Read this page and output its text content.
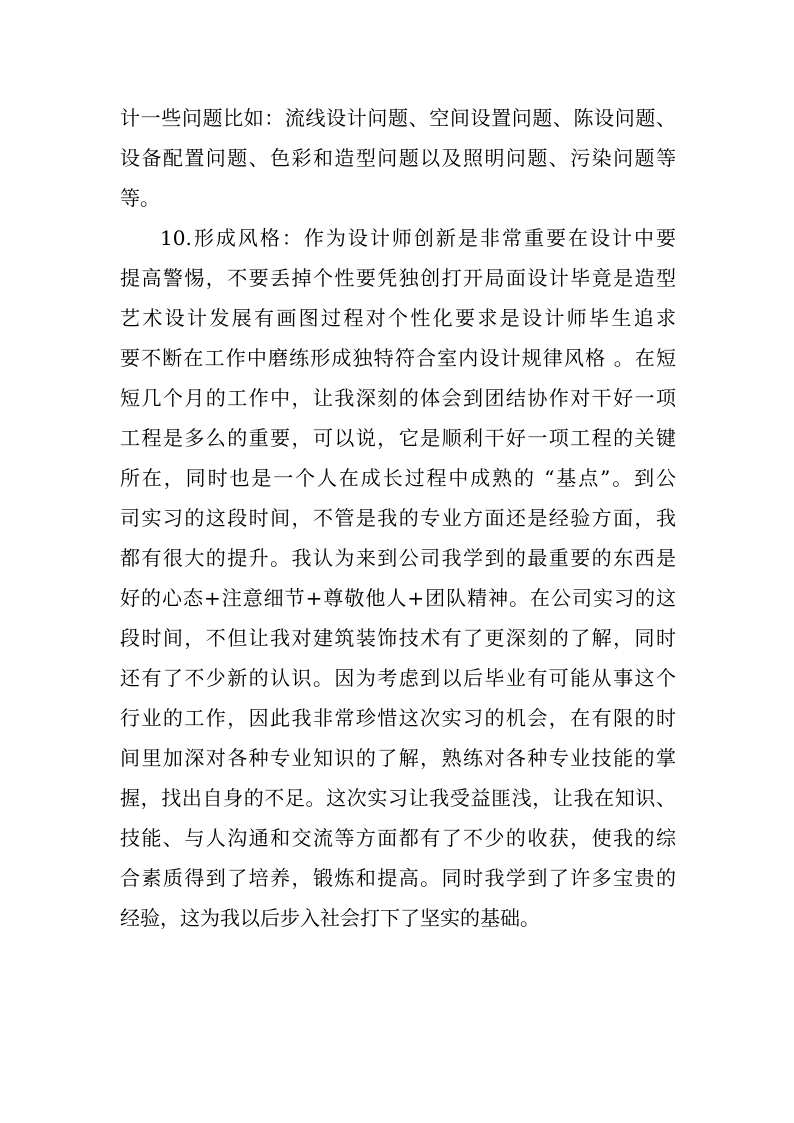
计一些问题比如：流线设计问题、空间设置问题、陈设问题、
设备配置问题、色彩和造型问题以及照明问题、污染问题等
等。
10.形成风格：作为设计师创新是非常重要在设计中要
提高警惕，不要丢掉个性要凭独创打开局面设计毕竟是造型
艺术设计发展有画图过程对个性化要求是设计师毕生追求
要不断在工作中磨练形成独特符合室内设计规律风格 。在短
短几个月的工作中，让我深刻的体会到团结协作对干好一项
工程是多么的重要，可以说，它是顺利干好一项工程的关键
所在，同时也是一个人在成长过程中成熟的 “基点”。到公
司实习的这段时间，不管是我的专业方面还是经验方面，我
都有很大的提升。我认为来到公司我学到的最重要的东西是
好的心态+注意细节+尊敬他人+团队精神。在公司实习的这
段时间，不但让我对建筑装饰技术有了更深刻的了解，同时
还有了不少新的认识。因为考虑到以后毕业有可能从事这个
行业的工作，因此我非常珍惜这次实习的机会，在有限的时
间里加深对各种专业知识的了解，熟练对各种专业技能的掌
握，找出自身的不足。这次实习让我受益匪浅，让我在知识、
技能、与人沟通和交流等方面都有了不少的收获，使我的综
合素质得到了培养，锻炼和提高。同时我学到了许多宝贵的
经验，这为我以后步入社会打下了坚实的基础。
